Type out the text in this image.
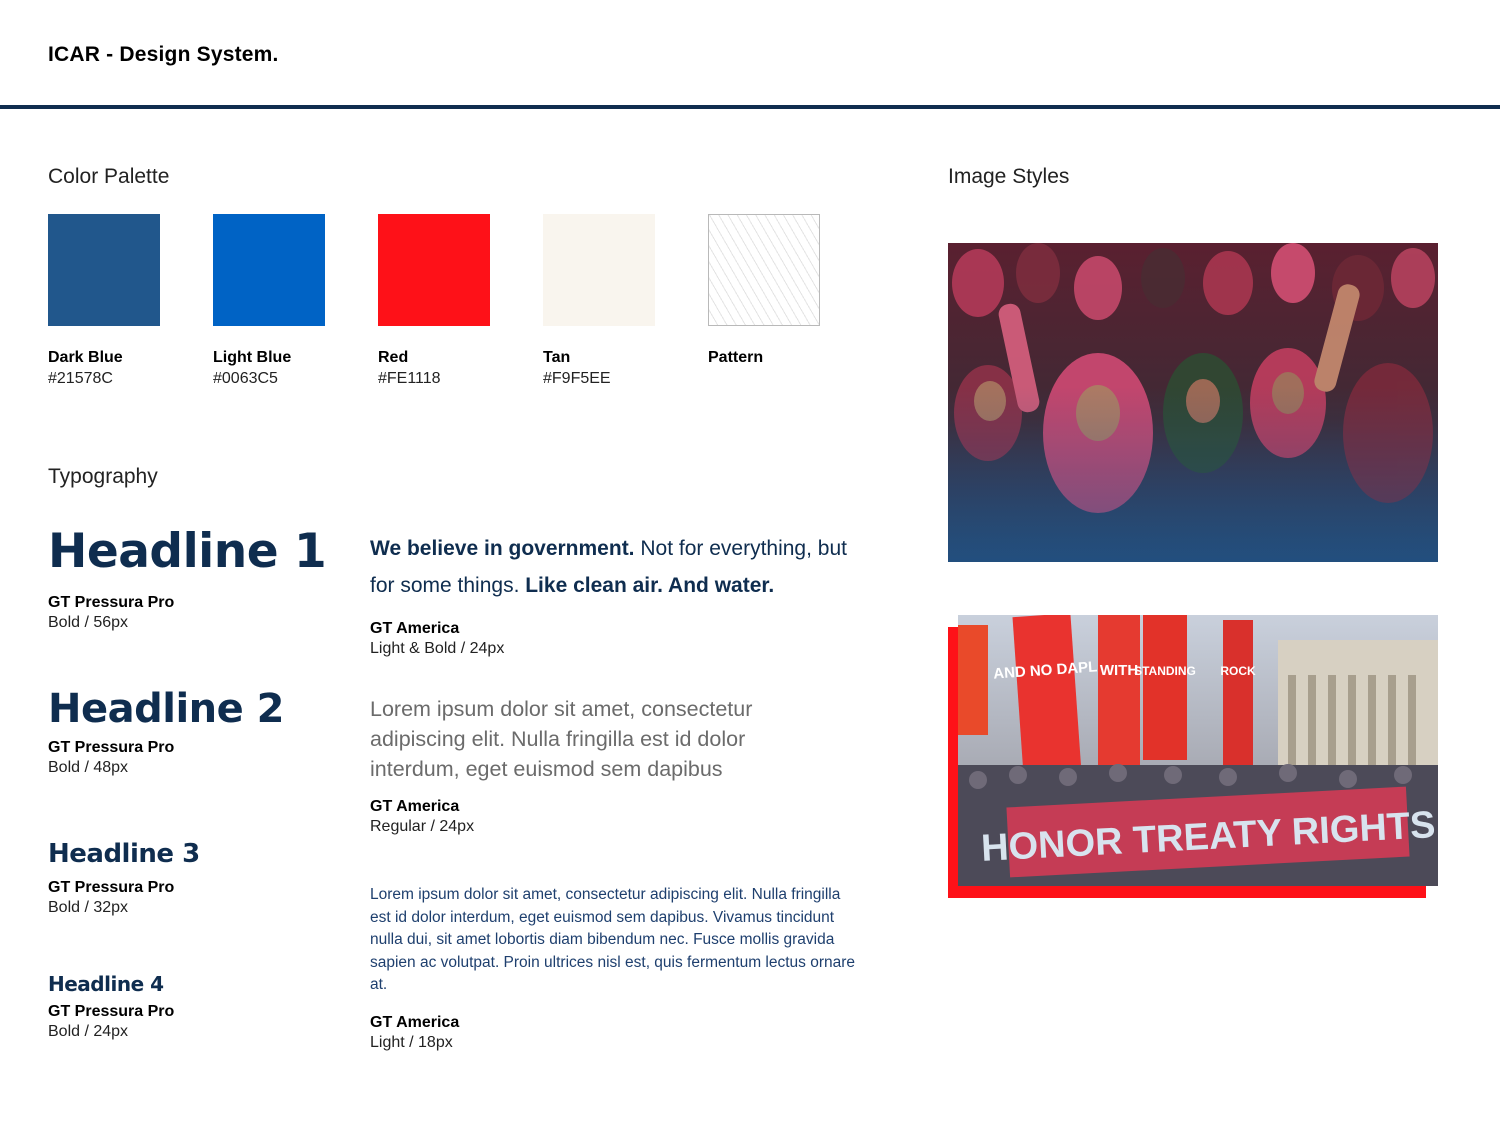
ICAR - Design System.
Color Palette
Dark Blue
#21578C
Light Blue
#0063C5
Red
#FE1118
Tan
#F9F5EE
Pattern
Typography
Headline 1
GT Pressura Pro
Bold / 56px
Headline 2
GT Pressura Pro
Bold / 48px
Headline 3
GT Pressura Pro
Bold / 32px
Headline 4
GT Pressura Pro
Bold / 24px
We believe in government. Not for everything, but for some things. Like clean air. And water.
GT America
Light & Bold / 24px
Lorem ipsum dolor sit amet, consectetur adipiscing elit. Nulla fringilla est id dolor interdum, eget euismod sem dapibus
GT America
Regular / 24px
Lorem ipsum dolor sit amet, consectetur adipiscing elit. Nulla fringilla est id dolor interdum, eget euismod sem dapibus. Vivamus tincidunt nulla dui, sit amet lobortis diam bibendum nec. Fusce mollis gravida sapien ac volutpat. Proin ultrices nisl est, quis fermentum lectus ornare at.
GT America
Light / 18px
Image Styles
HONOR TREATY RIGHTS
AND NO DAPL WITH
STANDING ROCK
